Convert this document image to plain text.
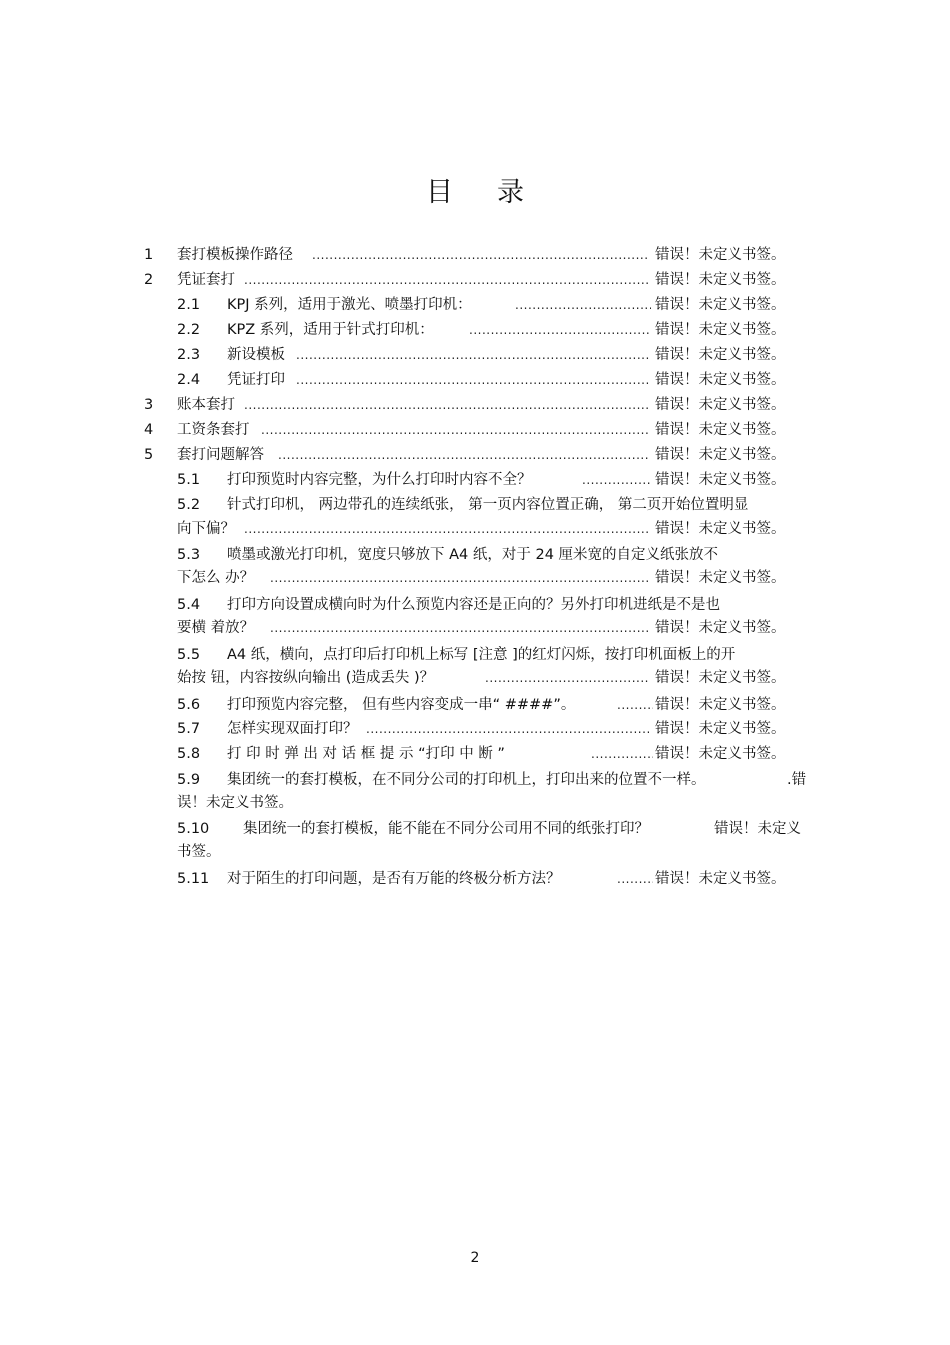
目 录
1 套打模板操作路径 .....	错误！未定义书签。
2 凭证套打 .....	错误！未定义书签。
2.1 KPJ 系列，适用于激光、喷墨打印机： .....	错误！未定义书签。
2.2 KPZ 系列，适用于针式打印机： .....	错误！未定义书签。
2.3 新设模板 .....	错误！未定义书签。
2.4 凭证打印 .....	错误！未定义书签。
3 账本套打 .....	错误！未定义书签。
4 工资条套打 .....	错误！未定义书签。
5 套打问题解答 .....	错误！未定义书签。
5.1 打印预览时内容完整，为什么打印时内容不全？ .....	错误！未定义书签。
5.2 针式打印机， 两边带孔的连续纸张， 第一页内容位置正确， 第二页开始位置明显
向下偏？ .....	错误！未定义书签。
5.3 喷墨或激光打印机，宽度只够放下 A4 纸，对于 24 厘米宽的自定义纸张放不
下怎么 办？ .....	错误！未定义书签。
5.4 打印方向设置成横向时为什么预览内容还是正向的？另外打印机进纸是不是也
要横 着放？ .....	错误！未定义书签。
5.5 A4 纸，横向，点打印后打印机上标写 [注意 ]的红灯闪烁，按打印机面板上的开
始按 钮，内容按纵向输出 (造成丢失 )？ .....	错误！未定义书签。
5.6 打印预览内容完整， 但有些内容变成一串“ ####”。 .....	错误！未定义书签。
5.7 怎样实现双面打印？ .....	错误！未定义书签。
5.8 打 印 时 弹 出 对 话 框 提 示 “打印 中 断 ” .....	错误！未定义书签。
5.9 集团统一的套打模板，在不同分公司的打印机上，打印出来的位置不一样。	.错
误！未定义书签。
5.10 集团统一的套打模板，能不能在不同分公司用不同的纸张打印？	错误！未定义
书签。
5.11 对于陌生的打印问题，是否有万能的终极分析方法？ .....	错误！未定义书签。
2
